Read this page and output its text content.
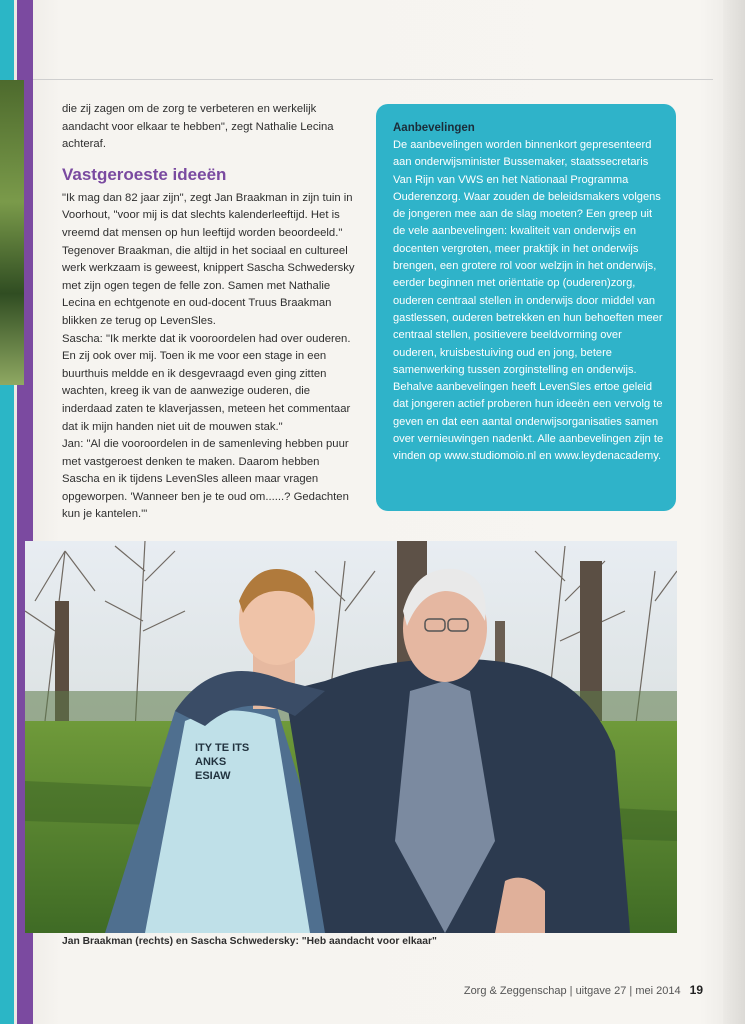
die zij zagen om de zorg te verbeteren en werkelijk aandacht voor elkaar te hebben", zegt Nathalie Lecina achteraf.

Vastgeroeste ideeën

"Ik mag dan 82 jaar zijn", zegt Jan Braakman in zijn tuin in Voorhout, "voor mij is dat slechts kalenderleeftijd. Het is vreemd dat mensen op hun leeftijd worden beoordeeld." Tegenover Braakman, die altijd in het sociaal en cultureel werk werkzaam is geweest, knippert Sascha Schwedersky met zijn ogen tegen de felle zon. Samen met Nathalie Lecina en echtgenote en oud-docent Truus Braakman blikken ze terug op LevenSles.

Sascha: "Ik merkte dat ik vooroordelen had over ouderen. En zij ook over mij. Toen ik me voor een stage in een buurthuis meldde en ik desgevraagd even ging zitten wachten, kreeg ik van de aanwezige ouderen, die inderdaad zaten te klaverjassen, meteen het commentaar dat ik mijn handen niet uit de mouwen stak."

Jan: "Al die vooroordelen in de samenleving hebben puur met vastgeroest denken te maken. Daarom hebben Sascha en ik tijdens LevenSles alleen maar vragen opgeworpen. 'Wanneer ben je te oud om......? Gedachten kun je kantelen.'"

Aanbevelingen

De aanbevelingen worden binnenkort gepresenteerd aan onderwijsminister Bussemaker, staatssecretaris Van Rijn van VWS en het Nationaal Programma Ouderenzorg. Waar zouden de beleidsmakers volgens de jongeren mee aan de slag moeten? Een greep uit de vele aanbevelingen: kwaliteit van onderwijs en docenten vergroten, meer praktijk in het onderwijs brengen, een grotere rol voor welzijn in het onderwijs, eerder beginnen met oriëntatie op (ouderen)zorg, ouderen centraal stellen in onderwijs door middel van gastlessen, ouderen betrekken en hun behoeften meer centraal stellen, positievere beeldvorming over ouderen, kruisbestuiving oud en jong, betere samenwerking tussen zorginstelling en onderwijs.

Behalve aanbevelingen heeft LevenSles ertoe geleid dat jongeren actief proberen hun ideeën een vervolg te geven en dat een aantal onderwijsorganisaties samen over vernieuwingen nadenkt. Alle aanbevelingen zijn te vinden op www.studiomoio.nl en www.leydenacademy.

ITY TE ITS
ANKS
ESIAW
Jan Braakman (rechts) en Sascha Schwedersky: "Heb aandacht voor elkaar"
Zorg & Zeggenschap | uitgave 27 | mei 2014 19
